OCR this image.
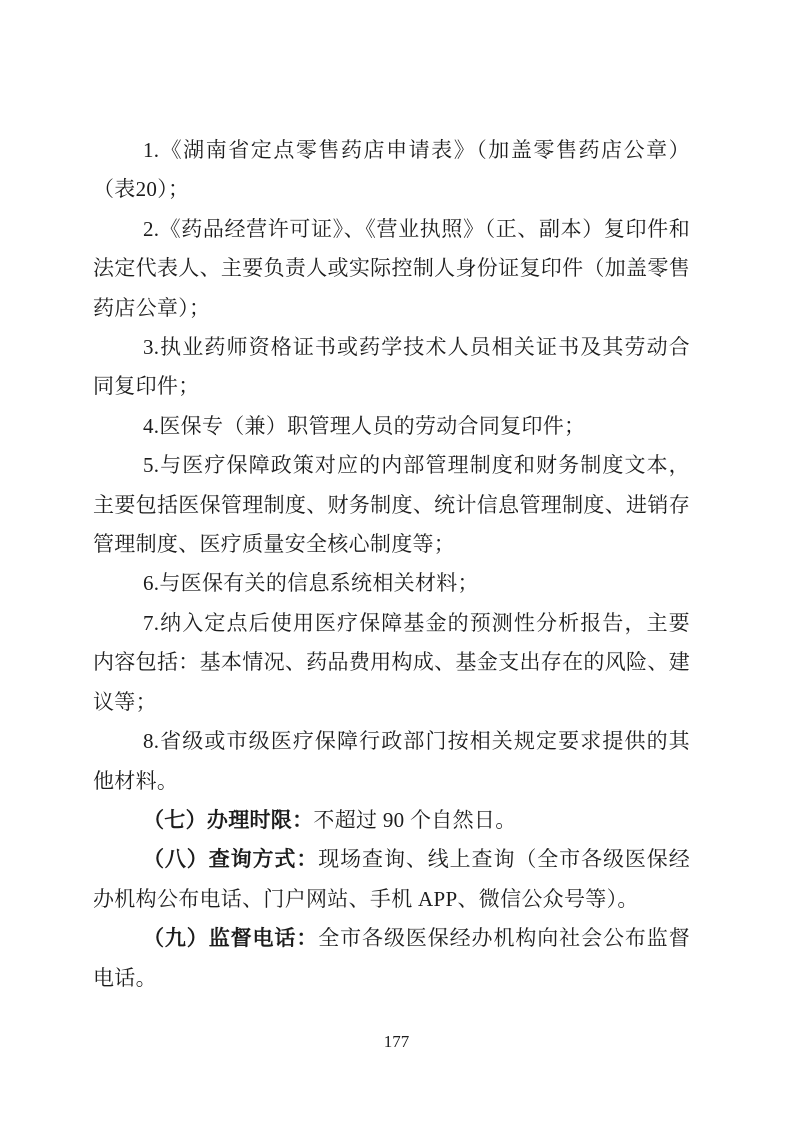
1.《湖南省定点零售药店申请表》（加盖零售药店公章）（表20）；

2.《药品经营许可证》、《营业执照》（正、副本）复印件和法定代表人、主要负责人或实际控制人身份证复印件（加盖零售药店公章）；

3.执业药师资格证书或药学技术人员相关证书及其劳动合同复印件；

4.医保专（兼）职管理人员的劳动合同复印件；

5.与医疗保障政策对应的内部管理制度和财务制度文本，主要包括医保管理制度、财务制度、统计信息管理制度、进销存管理制度、医疗质量安全核心制度等；

6.与医保有关的信息系统相关材料；

7.纳入定点后使用医疗保障基金的预测性分析报告，主要内容包括：基本情况、药品费用构成、基金支出存在的风险、建议等；

8.省级或市级医疗保障行政部门按相关规定要求提供的其他材料。

（七）办理时限：不超过 90 个自然日。

（八）查询方式：现场查询、线上查询（全市各级医保经办机构公布电话、门户网站、手机 APP、微信公众号等）。

（九）监督电话：全市各级医保经办机构向社会公布监督电话。

177
